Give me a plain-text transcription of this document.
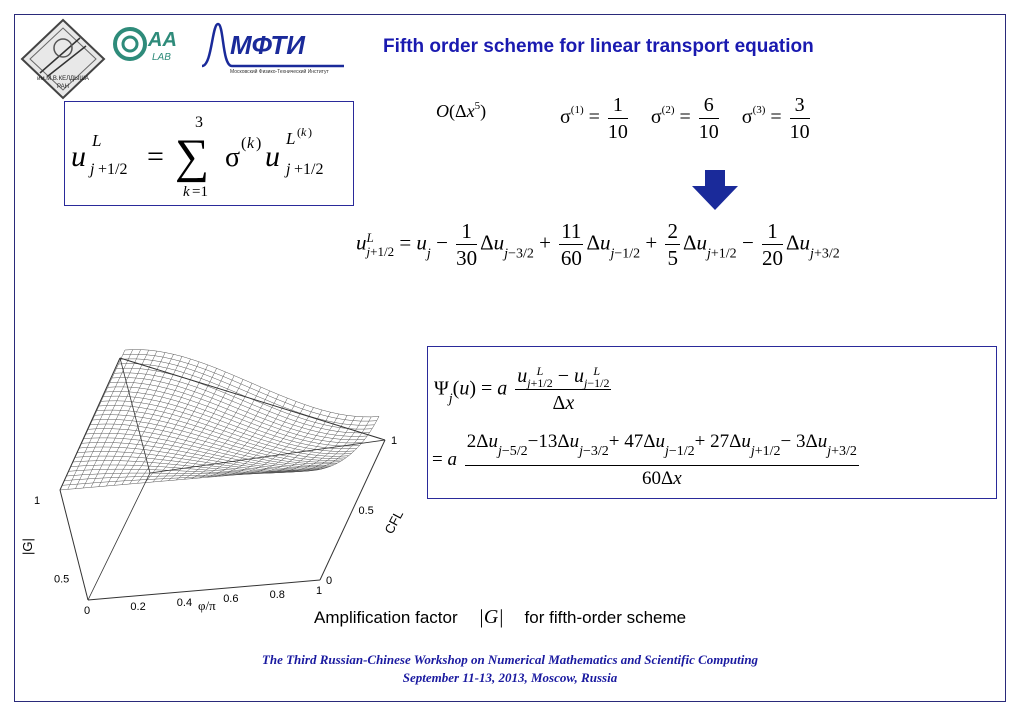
им.М.В.КЕЛДЫША
РАН
AA
LAB МФТИ
Московский Физико-Технический Институт
Fifth order scheme for linear transport equation
u L
j +1/2 = ∑
3
k =1
σ ( k ) u
L ( k )
j +1/2
$O(\Delta x^5)$	$\sigma^{(1)} = \frac{1}{10} \sigma^{(2)} = \frac{6}{10} \sigma^{(3)} = \frac{3}{10}$
uL
$j+1/2 = u_j - \frac{1}{30} \Delta u_{j-3/2} + \frac{11}{60} \Delta u_{j-1/2} + \frac{2}{5} \Delta u_{j+1/2} - \frac{1}{20} \Delta u_{j+3/2}$
$\Psi_j(u) = a$
u L
j+1/2 − u L
j−1/2
Δx
= a $\frac{2\Delta u_{j-5/2}-13\Delta u_{j-3/2}+ 47\Delta u_{j-1/2}+ 27\Delta u_{j+1/2}- 3\Delta u_{j+3/2}}{60\Delta x}$
0	0.2	0.4	0.6	0.8	1
0
0.5
1
0.5
1
φ/π
CFL
|G|
Amplification factor |G| for fifth-order scheme
The Third Russian-Chinese Workshop on Numerical Mathematics and Scientific Computing
September 11-13, 2013, Moscow, Russia
